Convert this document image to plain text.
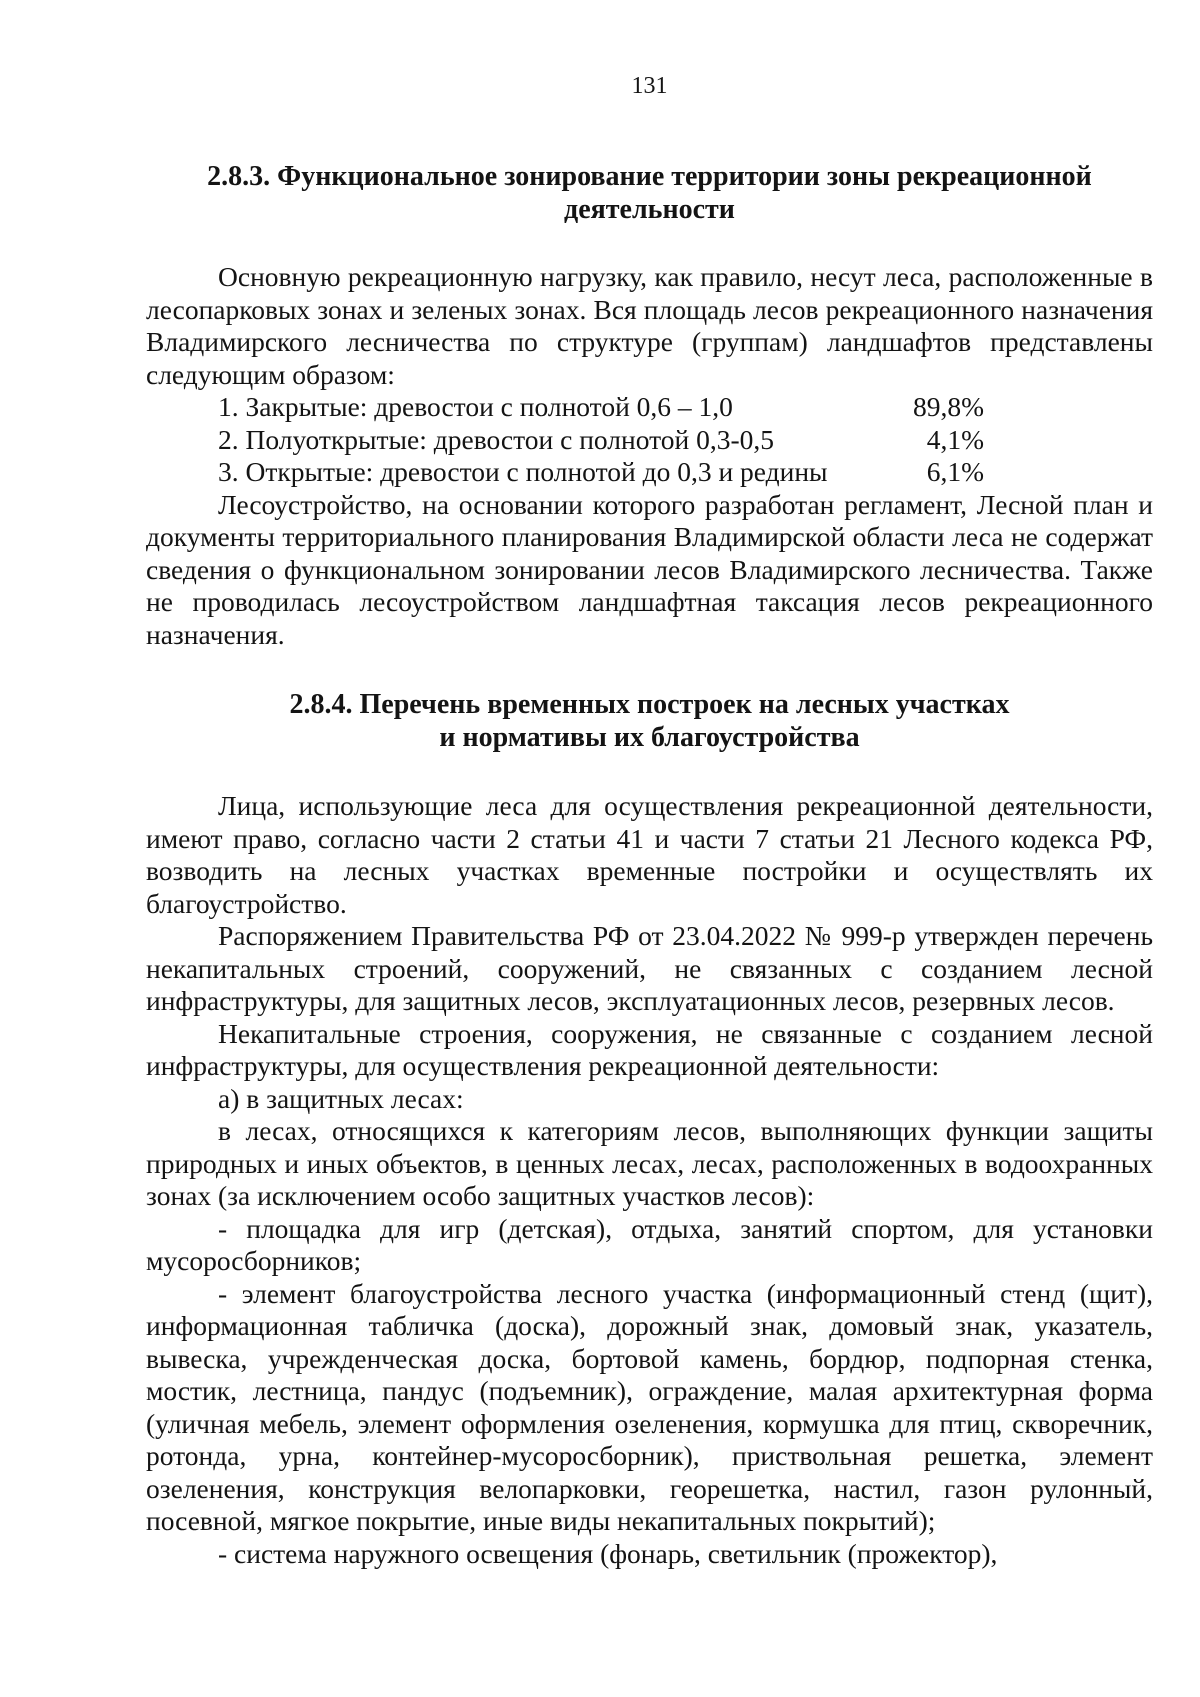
131
2.8.3. Функциональное зонирование территории зоны рекреационной
деятельности

Основную рекреационную нагрузку, как правило, несут леса, расположенные в лесопарковых зонах и зеленых зонах. Вся площадь лесов рекреационного назначения Владимирского лесничества по структуре (группам) ландшафтов представлены следующим образом:

1. Закрытые: древостои с полнотой 0,6 – 1,0	89,8%
2. Полуоткрытые: древостои с полнотой 0,3-0,5	4,1%
3. Открытые: древостои с полнотой до 0,3 и редины	6,1%

Лесоустройство, на основании которого разработан регламент, Лесной план и документы территориального планирования Владимирской области леса не содержат сведения о функциональном зонировании лесов Владимирского лесничества. Также не проводилась лесоустройством ландшафтная таксация лесов рекреационного назначения.

2.8.4. Перечень временных построек на лесных участках
и нормативы их благоустройства

Лица, использующие леса для осуществления рекреационной деятельности, имеют право, согласно части 2 статьи 41 и части 7 статьи 21 Лесного кодекса РФ, возводить на лесных участках временные постройки и осуществлять их благоустройство.

Распоряжением Правительства РФ от 23.04.2022 № 999-р утвержден перечень некапитальных строений, сооружений, не связанных с созданием лесной инфраструктуры, для защитных лесов, эксплуатационных лесов, резервных лесов.

Некапитальные строения, сооружения, не связанные с созданием лесной инфраструктуры, для осуществления рекреационной деятельности:

а) в защитных лесах:

в лесах, относящихся к категориям лесов, выполняющих функции защиты природных и иных объектов, в ценных лесах, лесах, расположенных в водоохранных зонах (за исключением особо защитных участков лесов):

- площадка для игр (детская), отдыха, занятий спортом, для установки мусоросборников;

- элемент благоустройства лесного участка (информационный стенд (щит), информационная табличка (доска), дорожный знак, домовый знак, указатель, вывеска, учрежденческая доска, бортовой камень, бордюр, подпорная стенка, мостик, лестница, пандус (подъемник), ограждение, малая архитектурная форма (уличная мебель, элемент оформления озеленения, кормушка для птиц, скворечник, ротонда, урна, контейнер-мусоросборник), приствольная решетка, элемент озеленения, конструкция велопарковки, георешетка, настил, газон рулонный, посевной, мягкое покрытие, иные виды некапитальных покрытий);

- система наружного освещения (фонарь, светильник (прожектор),
